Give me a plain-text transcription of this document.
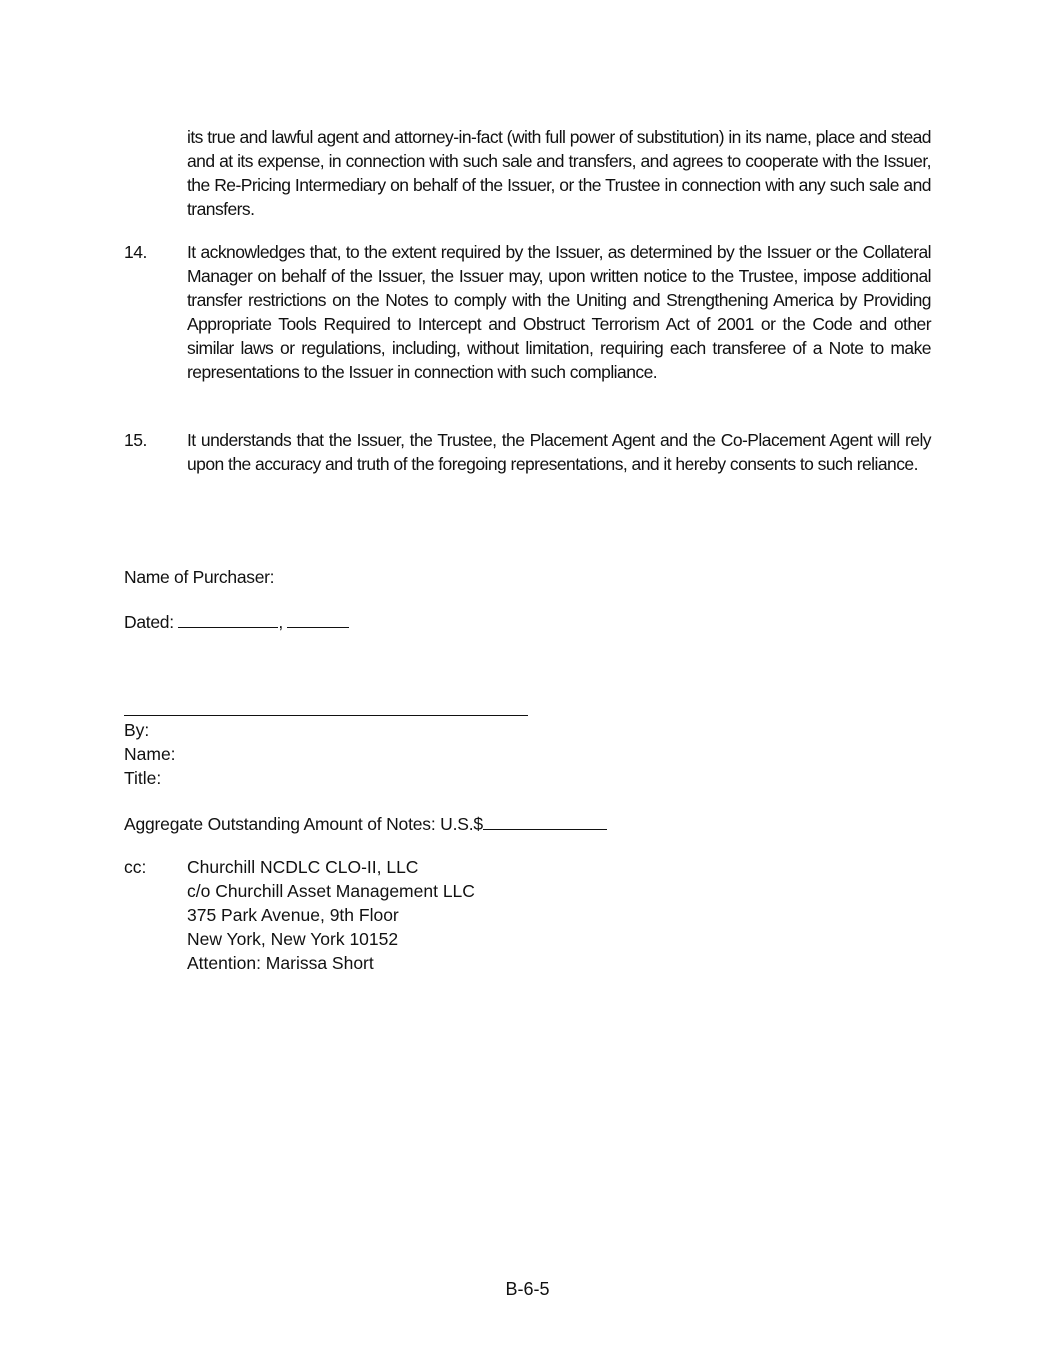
its true and lawful agent and attorney-in-fact (with full power of substitution) in its name, place and stead and at its expense, in connection with such sale and transfers, and agrees to cooperate with the Issuer, the Re-Pricing Intermediary on behalf of the Issuer, or the Trustee in connection with any such sale and transfers.
14. It acknowledges that, to the extent required by the Issuer, as determined by the Issuer or the Collateral Manager on behalf of the Issuer, the Issuer may, upon written notice to the Trustee, impose additional transfer restrictions on the Notes to comply with the Uniting and Strengthening America by Providing Appropriate Tools Required to Intercept and Obstruct Terrorism Act of 2001 or the Code and other similar laws or regulations, including, without limitation, requiring each transferee of a Note to make representations to the Issuer in connection with such compliance.
15. It understands that the Issuer, the Trustee, the Placement Agent and the Co-Placement Agent will rely upon the accuracy and truth of the foregoing representations, and it hereby consents to such reliance.
Name of Purchaser:
Dated:	,
By:
Name:
Title:
Aggregate Outstanding Amount of Notes: U.S.$
cc: Churchill NCDLC CLO-II, LLC
c/o Churchill Asset Management LLC
375 Park Avenue, 9th Floor
New York, New York 10152
Attention: Marissa Short
B-6-5
